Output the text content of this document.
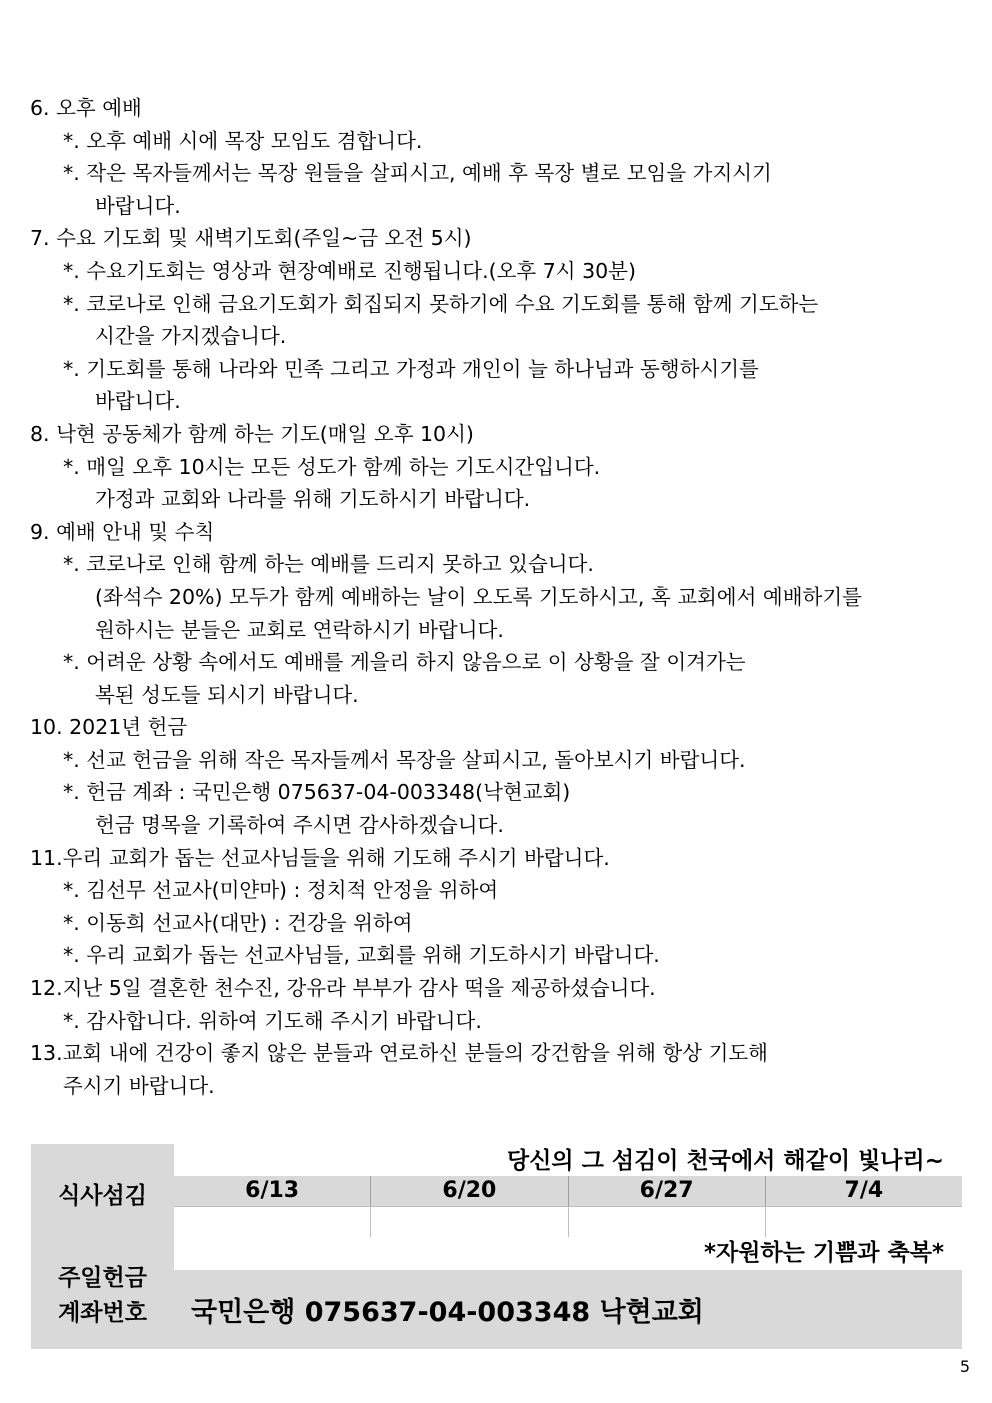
6. 오후 예배
*. 오후 예배 시에 목장 모임도 겸합니다.
*. 작은 목자들께서는 목장 원들을 살피시고, 예배 후 목장 별로 모임을 가지시기
바랍니다.
7. 수요 기도회 및 새벽기도회(주일~금 오전 5시)
*. 수요기도회는 영상과 현장예배로 진행됩니다.(오후 7시 30분)
*. 코로나로 인해 금요기도회가 회집되지 못하기에 수요 기도회를 통해 함께 기도하는
시간을 가지겠습니다.
*. 기도회를 통해 나라와 민족 그리고 가정과 개인이 늘 하나님과 동행하시기를
바랍니다.
8. 낙현 공동체가 함께 하는 기도(매일 오후 10시)
*. 매일 오후 10시는 모든 성도가 함께 하는 기도시간입니다.
가정과 교회와 나라를 위해 기도하시기 바랍니다.
9. 예배 안내 및 수칙
*. 코로나로 인해 함께 하는 예배를 드리지 못하고 있습니다.
(좌석수 20%) 모두가 함께 예배하는 날이 오도록 기도하시고, 혹 교회에서 예배하기를
원하시는 분들은 교회로 연락하시기 바랍니다.
*. 어려운 상황 속에서도 예배를 게을리 하지 않음으로 이 상황을 잘 이겨가는
복된 성도들 되시기 바랍니다.
10. 2021년 헌금
*. 선교 헌금을 위해 작은 목자들께서 목장을 살피시고, 돌아보시기 바랍니다.
*. 헌금 계좌 : 국민은행 075637-04-003348(낙현교회)
헌금 명목을 기록하여 주시면 감사하겠습니다.
11.우리 교회가 돕는 선교사님들을 위해 기도해 주시기 바랍니다.
*. 김선무 선교사(미얀마) : 정치적 안정을 위하여
*. 이동희 선교사(대만) : 건강을 위하여
*. 우리 교회가 돕는 선교사님들, 교회를 위해 기도하시기 바랍니다.
12.지난 5일 결혼한 천수진, 강유라 부부가 감사 떡을 제공하셨습니다.
*. 감사합니다. 위하여 기도해 주시기 바랍니다.
13.교회 내에 건강이 좋지 않은 분들과 연로하신 분들의 강건함을 위해 항상 기도해
주시기 바랍니다.
당신의 그 섬김이 천국에서 해같이 빛나리~
식사섬김	6/13	6/20	6/27	7/4
*자원하는 기쁨과 축복*
주일헌금
계좌번호	국민은행 075637-04-003348 낙현교회
5
